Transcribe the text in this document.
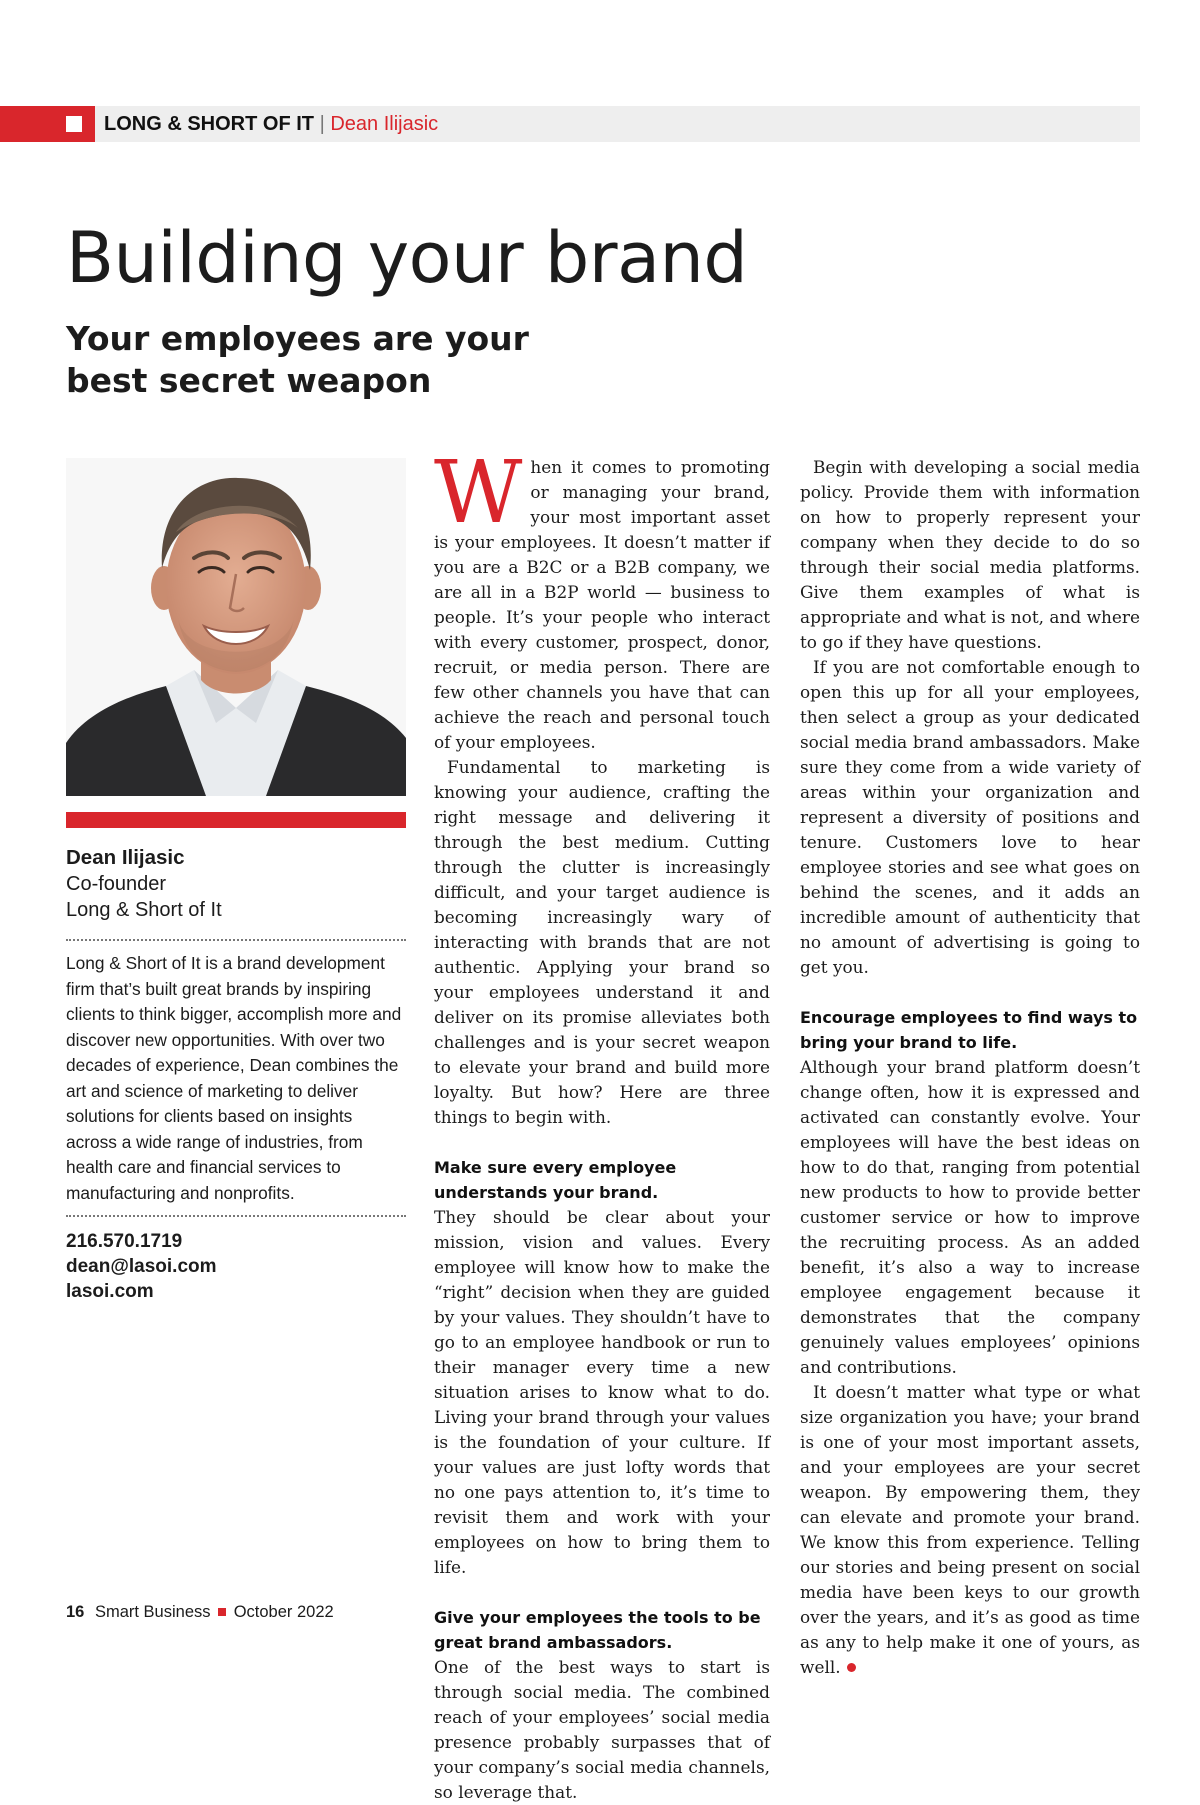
LONG & SHORT OF IT | Dean Ilijasic
Building your brand
Your employees are your best secret weapon
Dean Ilijasic
Co-founder
Long & Short of It

Long & Short of It is a brand development firm that’s built great brands by inspiring clients to think bigger, accomplish more and discover new opportunities. With over two decades of experience, Dean combines the art and science of marketing to deliver solutions for clients based on insights across a wide range of industries, from health care and financial services to manufacturing and nonprofits.

216.570.1719
dean@lasoi.com
lasoi.com

When it comes to promoting or managing your brand, your most important asset is your employees. It doesn’t matter if you are a B2C or a B2B company, we are all in a B2P world — business to people. It’s your people who interact with every customer, prospect, donor, recruit, or media person. There are few other channels you have that can achieve the reach and personal touch of your employees.

Fundamental to marketing is knowing your audience, crafting the right message and delivering it through the best medium. Cutting through the clutter is increasingly difficult, and your target audience is becoming increasingly wary of interacting with brands that are not authentic. Applying your brand so your employees understand it and deliver on its promise alleviates both challenges and is your secret weapon to elevate your brand and build more loyalty. But how? Here are three things to begin with.

Make sure every employee understands your brand.

They should be clear about your mission, vision and values. Every employee will know how to make the “right” decision when they are guided by your values. They shouldn’t have to go to an employee handbook or run to their manager every time a new situation arises to know what to do. Living your brand through your values is the foundation of your culture. If your values are just lofty words that no one pays attention to, it’s time to revisit them and work with your employees on how to bring them to life.

Give your employees the tools to be great brand ambassadors.

One of the best ways to start is through social media. The combined reach of your employees’ social media presence probably surpasses that of your company’s social media channels, so leverage that.

Begin with developing a social media policy. Provide them with information on how to properly represent your company when they decide to do so through their social media platforms. Give them examples of what is appropriate and what is not, and where to go if they have questions.

If you are not comfortable enough to open this up for all your employees, then select a group as your dedicated social media brand ambassadors. Make sure they come from a wide variety of areas within your organization and represent a diversity of positions and tenure. Customers love to hear employee stories and see what goes on behind the scenes, and it adds an incredible amount of authenticity that no amount of advertising is going to get you.

Encourage employees to find ways to bring your brand to life.

Although your brand platform doesn’t change often, how it is expressed and activated can constantly evolve. Your employees will have the best ideas on how to do that, ranging from potential new products to how to provide better customer service or how to improve the recruiting process. As an added benefit, it’s also a way to increase employee engagement because it demonstrates that the company genuinely values employees’ opinions and contributions.

It doesn’t matter what type or what size organization you have; your brand is one of your most important assets, and your employees are your secret weapon. By empowering them, they can elevate and promote your brand. We know this from experience. Telling our stories and being present on social media have been keys to our growth over the years, and it’s as good as time as any to help make it one of yours, as well.

16 Smart Business October 2022
